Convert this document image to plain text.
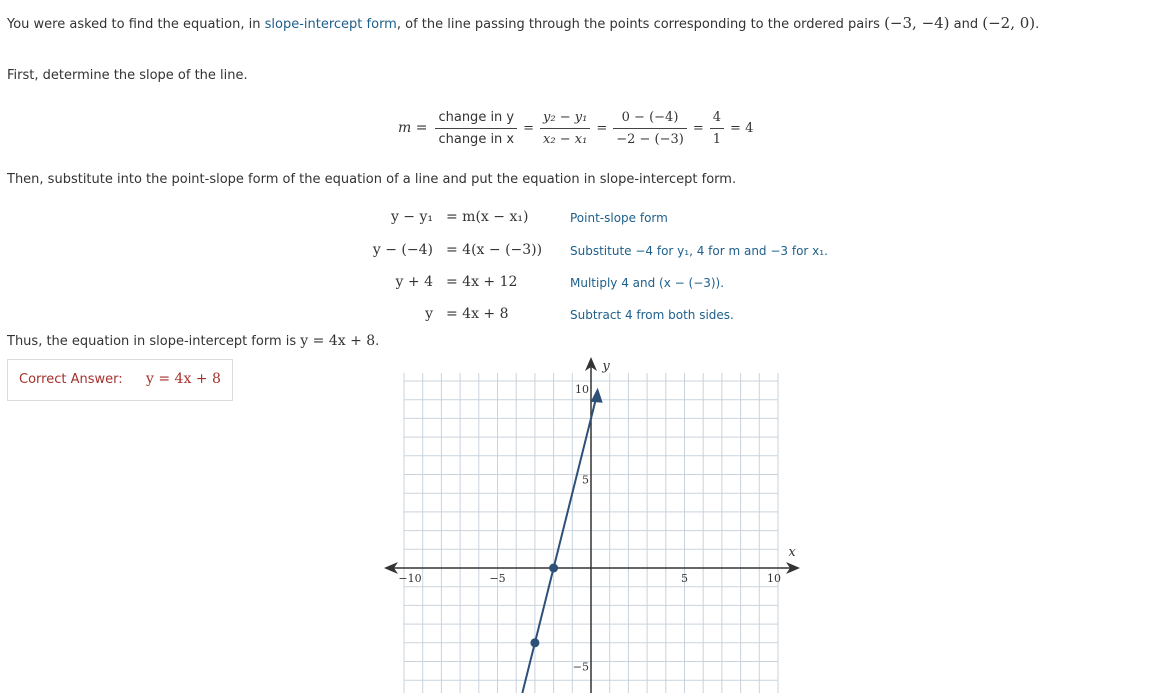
You were asked to find the equation, in slope-intercept form, of the line passing through the points corresponding to the ordered pairs (−3, −4) and (−2, 0).
First, determine the slope of the line.
$m = \frac{\text{change in y}}{\text{change in x}} = \frac{\text{y₂ − y₁}}{\text{x₂ − x₁}} = \frac{0 - (-4)}{-2 - (-3)} = \frac{4}{1} = 4$
Then, substitute into the point-slope form of the equation of a line and put the equation in slope-intercept form.
y − y₁ = m(x − x₁)	Point-slope form
y − (−4) = 4(x − (−3)) Substitute −4 for y₁, 4 for m and −3 for x₁.
y + 4 = 4x + 12	Multiply 4 and (x − (−3)).
y = 4x + 8	Subtract 4 from both sides.
Thus, the equation in slope-intercept form is y = 4x + 8.
Correct Answer: y = 4x + 8
−10	−5	5	10
10
5
−5
x
y
